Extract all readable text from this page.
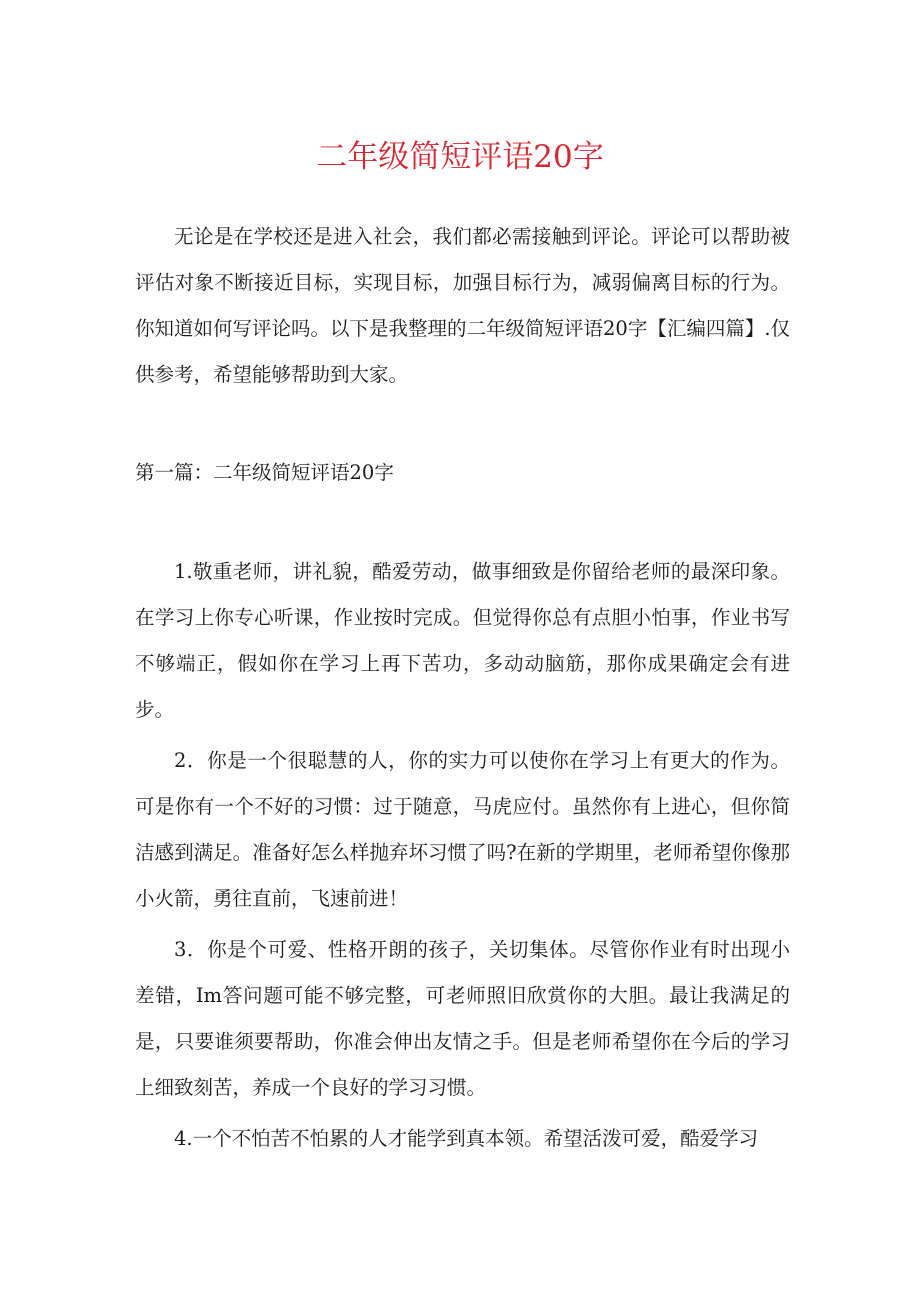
二年级简短评语20字

无论是在学校还是进入社会，我们都必需接触到评论。评论可以帮助被评估对象不断接近目标，实现目标，加强目标行为，减弱偏离目标的行为。你知道如何写评论吗。以下是我整理的二年级简短评语20字【汇编四篇】.仅供参考，希望能够帮助到大家。

第一篇：二年级简短评语20字

1.敬重老师，讲礼貌，酷爱劳动，做事细致是你留给老师的最深印象。在学习上你专心听课，作业按时完成。但觉得你总有点胆小怕事，作业书写不够端正，假如你在学习上再下苦功，多动动脑筋，那你成果确定会有进步。

2．你是一个很聪慧的人，你的实力可以使你在学习上有更大的作为。可是你有一个不好的习惯：过于随意，马虎应付。虽然你有上进心，但你简洁感到满足。准备好怎么样抛弃坏习惯了吗?在新的学期里，老师希望你像那小火箭，勇往直前，飞速前进！

3．你是个可爱、性格开朗的孩子，关切集体。尽管你作业有时出现小差错，Im答问题可能不够完整，可老师照旧欣赏你的大胆。最让我满足的是，只要谁须要帮助，你准会伸出友情之手。但是老师希望你在今后的学习上细致刻苦，养成一个良好的学习习惯。

4.一个不怕苦不怕累的人才能学到真本领。希望活泼可爱，酷爱学习
